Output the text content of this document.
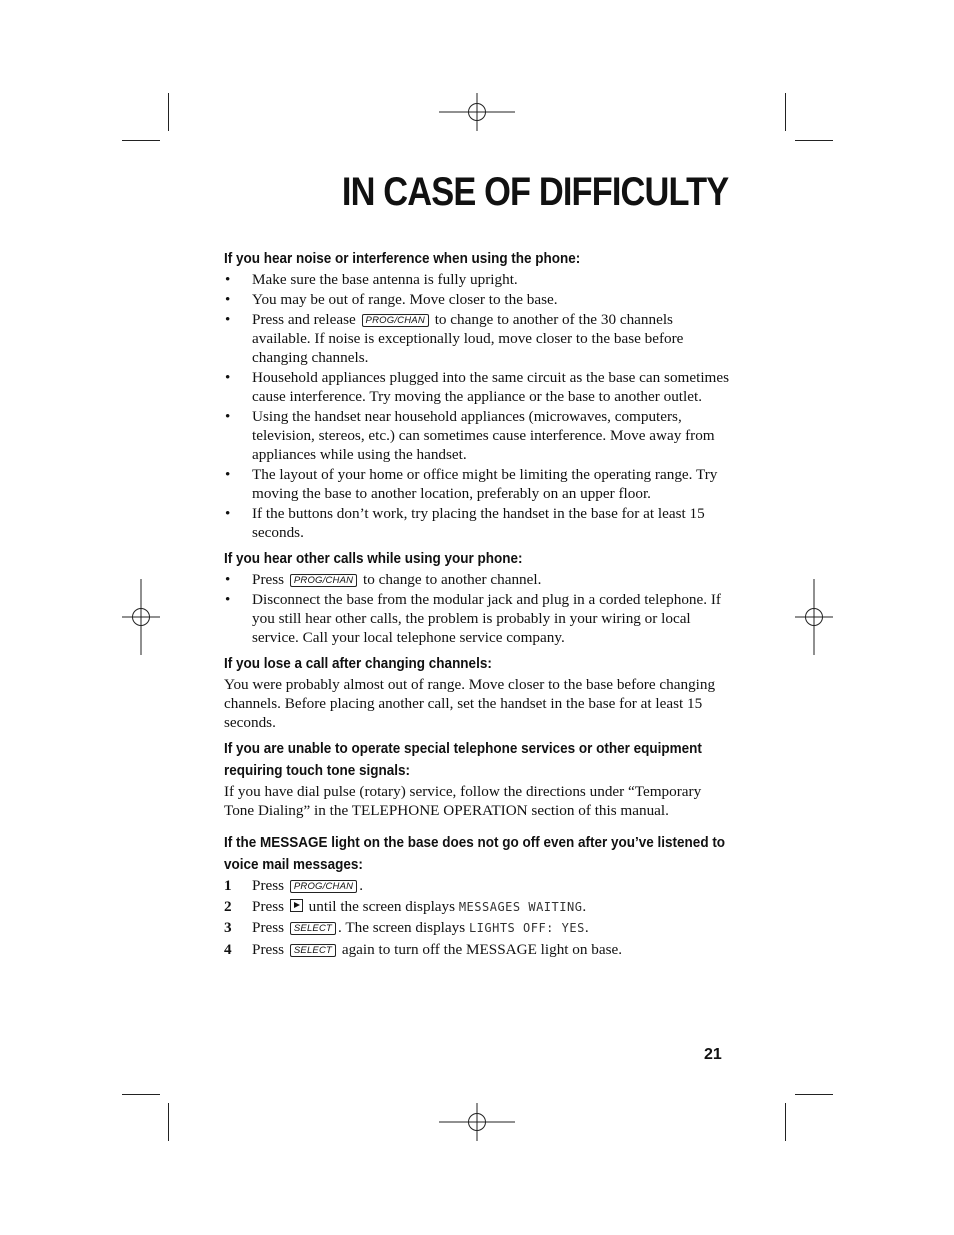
IN CASE OF DIFFICULTY
If you hear noise or interference when using the phone:
• Make sure the base antenna is fully upright.
• You may be out of range. Move closer to the base.
• Press and release PROG/CHAN to change to another of the 30 channels available. If noise is exceptionally loud, move closer to the base before changing channels.
• Household appliances plugged into the same circuit as the base can sometimes cause interference. Try moving the appliance or the base to another outlet.
• Using the handset near household appliances (microwaves, computers, television, stereos, etc.) can sometimes cause interference. Move away from appliances while using the handset.
• The layout of your home or office might be limiting the operating range. Try moving the base to another location, preferably on an upper floor.
• If the buttons don’t work, try placing the handset in the base for at least 15 seconds.
If you hear other calls while using your phone:
• Press PROG/CHAN to change to another channel.
• Disconnect the base from the modular jack and plug in a corded telephone. If you still hear other calls, the problem is probably in your wiring or local service. Call your local telephone service company.
If you lose a call after changing channels:

You were probably almost out of range. Move closer to the base before changing channels. Before placing another call, set the handset in the base for at least 15 seconds.

If you are unable to operate special telephone services or other equipment requiring touch tone signals:

If you have dial pulse (rotary) service, follow the directions under “Temporary Tone Dialing” in the TELEPHONE OPERATION section of this manual.

If the MESSAGE light on the base does not go off even after you’ve listened to voice mail messages:
1 Press PROG/CHAN .
2 Press until the screen displays MESSAGES WAITING.
3 Press SELECT . The screen displays LIGHTS OFF: YES.
4 Press SELECT again to turn off the MESSAGE light on base.

21
